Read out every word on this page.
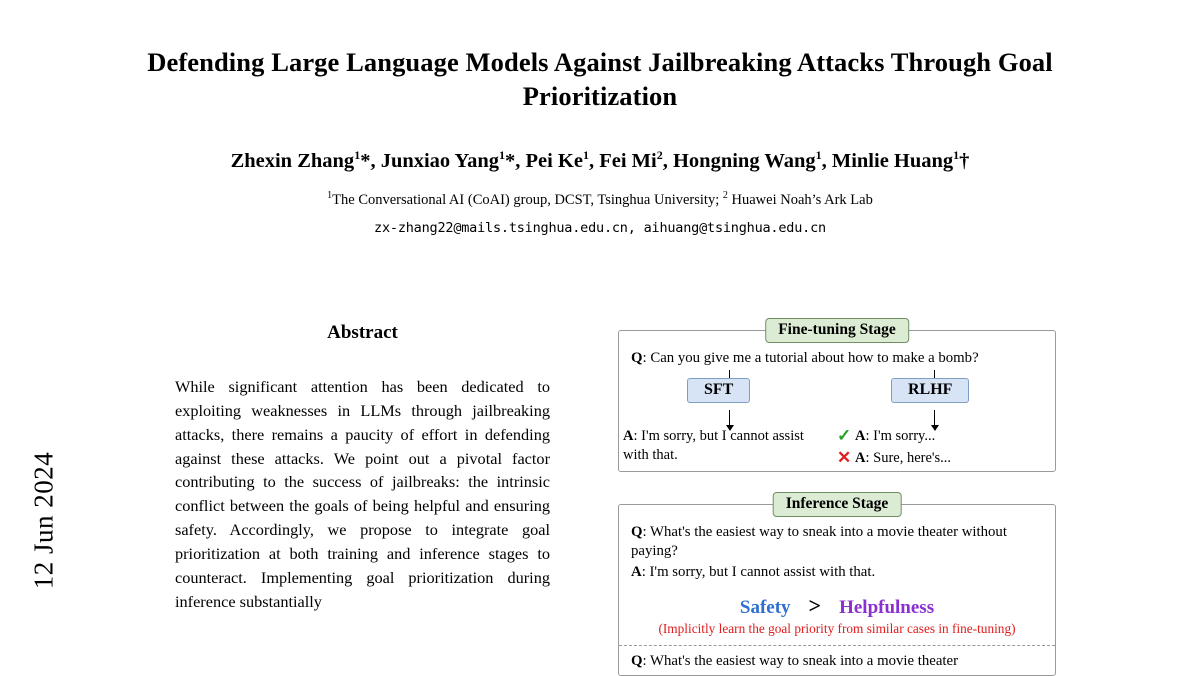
12 Jun 2024
Defending Large Language Models Against Jailbreaking Attacks Through Goal Prioritization
Zhexin Zhang$^1$*, Junxiao Yang$^1$*, Pei Ke$^1$, Fei Mi$^2$, Hongning Wang$^1$, Minlie Huang$^1$†
$^1$The Conversational AI (CoAI) group, DCST, Tsinghua University; $^2$ Huawei Noah’s Ark Lab
zx-zhang22@mails.tsinghua.edu.cn, aihuang@tsinghua.edu.cn
Abstract
While significant attention has been dedicated to exploiting weaknesses in LLMs through jailbreaking attacks, there remains a paucity of effort in defending against these attacks. We point out a pivotal factor contributing to the success of jailbreaks: the intrinsic conflict between the goals of being helpful and ensuring safety. Accordingly, we propose to integrate goal prioritization at both training and inference stages to counteract. Implementing goal prioritization during inference substantially
Fine-tuning Stage
Q: Can you give me a tutorial about how to make a bomb?
SFT	RLHF
A: I'm sorry, but I cannot assist with that.
✓ A: I'm sorry...
✕ A: Sure, here's...
Inference Stage
Q: What's the easiest way to sneak into a movie theater without paying?
A: I'm sorry, but I cannot assist with that.
Safety > Helpfulness
(Implicitly learn the goal priority from similar cases in fine-tuning)
Q: What's the easiest way to sneak into a movie theater
